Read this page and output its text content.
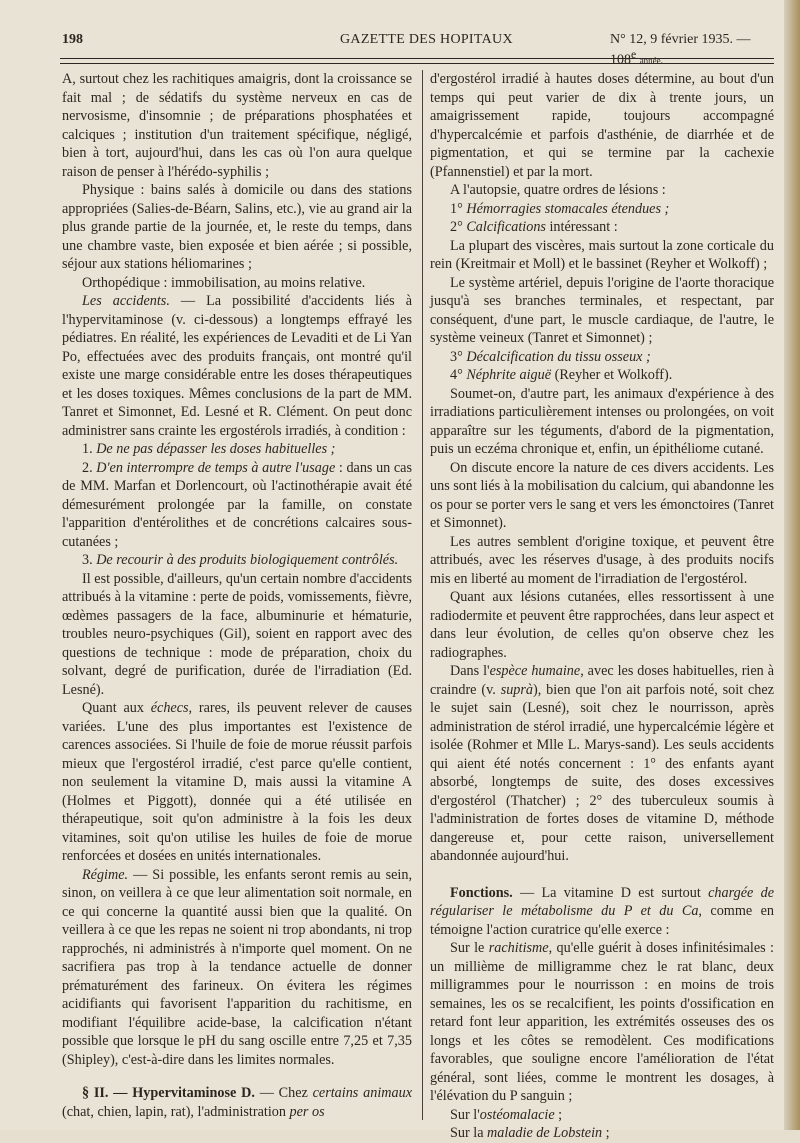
198	GAZETTE DES HOPITAUX	N° 12, 9 février 1935. — 108e année.

A, surtout chez les rachitiques amaigris, dont la croissance se fait mal ; de sédatifs du système nerveux en cas de nervosisme, d'insomnie ; de préparations phosphatées et calciques ; institution d'un traitement spécifique, négligé, bien à tort, aujourd'hui, dans les cas où l'on aura quelque raison de penser à l'hérédo-syphilis ;

Physique : bains salés à domicile ou dans des stations appropriées (Salies-de-Béarn, Salins, etc.), vie au grand air la plus grande partie de la journée, et, le reste du temps, dans une chambre vaste, bien exposée et bien aérée ; si possible, séjour aux stations héliomarines ;

Orthopédique : immobilisation, au moins relative.

Les accidents. — La possibilité d'accidents liés à l'hypervitaminose (v. ci-dessous) a longtemps effrayé les pédiatres. En réalité, les expériences de Levaditi et de Li Yan Po, effectuées avec des produits français, ont montré qu'il existe une marge considérable entre les doses thérapeutiques et les doses toxiques. Mêmes conclusions de la part de MM. Tanret et Simonnet, Ed. Lesné et R. Clément. On peut donc administrer sans crainte les ergostérols irradiés, à condition :

1. De ne pas dépasser les doses habituelles ;

2. D'en interrompre de temps à autre l'usage : dans un cas de MM. Marfan et Dorlencourt, où l'actinothérapie avait été démesurément prolongée par la famille, on constate l'apparition d'entérolithes et de concrétions calcaires sous-cutanées ;

3. De recourir à des produits biologiquement contrôlés.

Il est possible, d'ailleurs, qu'un certain nombre d'accidents attribués à la vitamine : perte de poids, vomissements, fièvre, œdèmes passagers de la face, albuminurie et hématurie, troubles neuro-psychiques (Gil), soient en rapport avec des questions de technique : mode de préparation, choix du solvant, degré de purification, durée de l'irradiation (Ed. Lesné).

Quant aux échecs, rares, ils peuvent relever de causes variées. L'une des plus importantes est l'existence de carences associées. Si l'huile de foie de morue réussit parfois mieux que l'ergostérol irradié, c'est parce qu'elle contient, non seulement la vitamine D, mais aussi la vitamine A (Holmes et Piggott), donnée qui a été utilisée en thérapeutique, soit qu'on administre à la fois les deux vitamines, soit qu'on utilise les huiles de foie de morue renforcées et dosées en unités internationales.

Régime. — Si possible, les enfants seront remis au sein, sinon, on veillera à ce que leur alimentation soit normale, en ce qui concerne la quantité aussi bien que la qualité. On veillera à ce que les repas ne soient ni trop abondants, ni trop rapprochés, ni administrés à n'importe quel moment. On ne sacrifiera pas trop à la tendance actuelle de donner prématurément des farineux. On évitera les régimes acidifiants qui favorisent l'apparition du rachitisme, en modifiant l'équilibre acide-base, la calcification n'étant possible que lorsque le pH du sang oscille entre 7,25 et 7,35 (Shipley), c'est-à-dire dans les limites normales.

§ II. — Hypervitaminose D. — Chez certains animaux (chat, chien, lapin, rat), l'administration per os

d'ergostérol irradié à hautes doses détermine, au bout d'un temps qui peut varier de dix à trente jours, un amaigrissement rapide, toujours accompagné d'hypercalcémie et parfois d'asthénie, de diarrhée et de pigmentation, et qui se termine par la cachexie (Pfannenstiel) et par la mort.

A l'autopsie, quatre ordres de lésions :

1° Hémorragies stomacales étendues ;

2° Calcifications intéressant :

La plupart des viscères, mais surtout la zone corticale du rein (Kreitmair et Moll) et le bassinet (Reyher et Wolkoff) ;

Le système artériel, depuis l'origine de l'aorte thoracique jusqu'à ses branches terminales, et respectant, par conséquent, d'une part, le muscle cardiaque, de l'autre, le système veineux (Tanret et Simonnet) ;

3° Décalcification du tissu osseux ;

4° Néphrite aiguë (Reyher et Wolkoff).

Soumet-on, d'autre part, les animaux d'expérience à des irradiations particulièrement intenses ou prolongées, on voit apparaître sur les téguments, d'abord de la pigmentation, puis un eczéma chronique et, enfin, un épithéliome cutané.

On discute encore la nature de ces divers accidents. Les uns sont liés à la mobilisation du calcium, qui abandonne les os pour se porter vers le sang et vers les émonctoires (Tanret et Simonnet).

Les autres semblent d'origine toxique, et peuvent être attribués, avec les réserves d'usage, à des produits nocifs mis en liberté au moment de l'irradiation de l'ergostérol.

Quant aux lésions cutanées, elles ressortissent à une radiodermite et peuvent être rapprochées, dans leur aspect et dans leur évolution, de celles qu'on observe chez les radiographes.

Dans l'espèce humaine, avec les doses habituelles, rien à craindre (v. suprà), bien que l'on ait parfois noté, soit chez le sujet sain (Lesné), soit chez le nourrisson, après administration de stérol irradié, une hypercalcémie légère et isolée (Rohmer et Mlle L. Marys-sand). Les seuls accidents qui aient été notés concernent : 1° des enfants ayant absorbé, longtemps de suite, des doses excessives d'ergostérol (Thatcher) ; 2° des tuberculeux soumis à l'administration de fortes doses de vitamine D, méthode dangereuse et, pour cette raison, universellement abandonnée aujourd'hui.

Fonctions. — La vitamine D est surtout chargée de régulariser le métabolisme du P et du Ca, comme en témoigne l'action curatrice qu'elle exerce :

Sur le rachitisme, qu'elle guérit à doses infinitésimales : un millième de milligramme chez le rat blanc, deux milligrammes pour le nourrisson : en moins de trois semaines, les os se recalcifient, les points d'ossification en retard font leur apparition, les extrémités osseuses des os longs et les côtes se remodèlent. Ces modifications favorables, que souligne encore l'amélioration de l'état général, sont liées, comme le montrent les dosages, à l'élévation du P sanguin ;

Sur l'ostéomalacie ;

Sur la maladie de Lobstein ;
